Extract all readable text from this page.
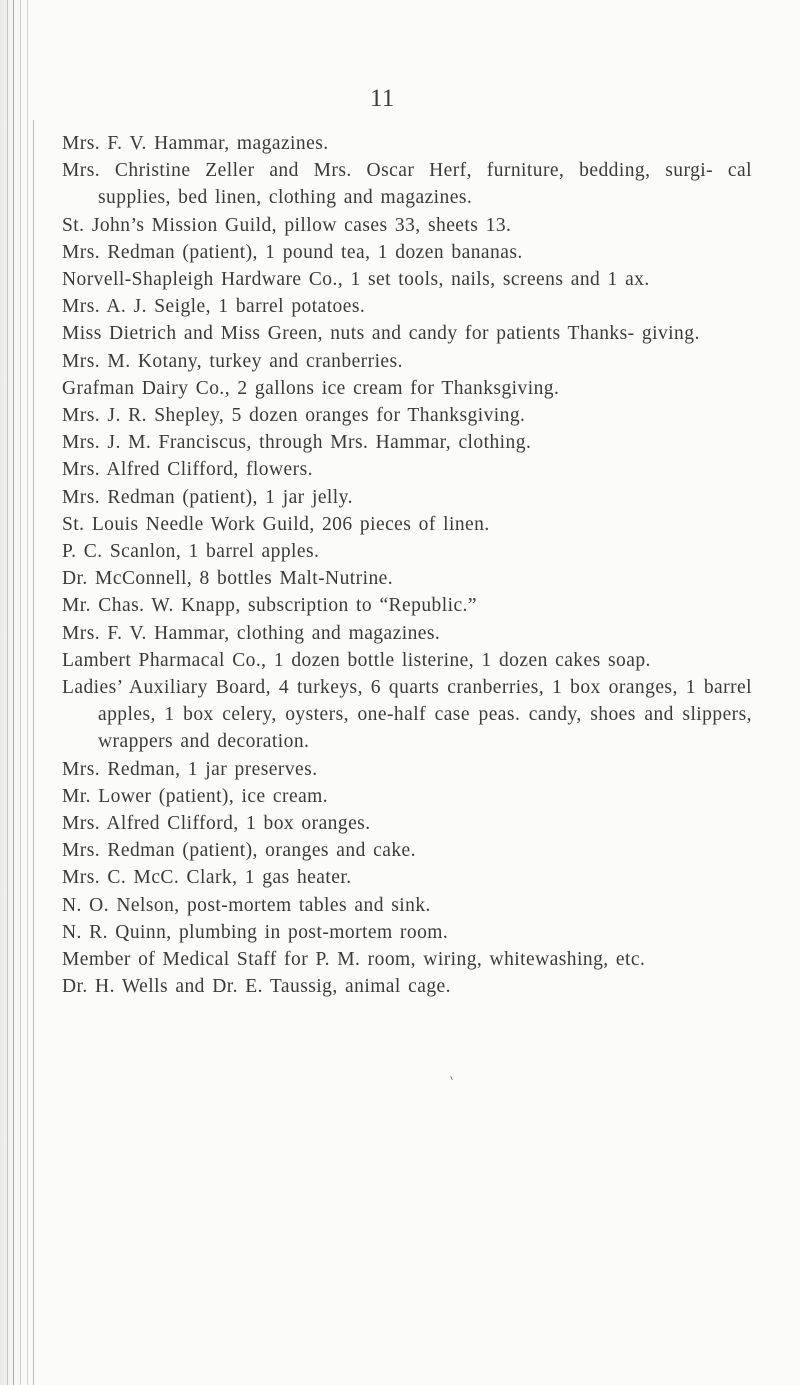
11
Mrs. F. V. Hammar, magazines.
Mrs. Christine Zeller and Mrs. Oscar Herf, furniture, bedding, surgi- cal supplies, bed linen, clothing and magazines.
St. John’s Mission Guild, pillow cases 33, sheets 13.
Mrs. Redman (patient), 1 pound tea, 1 dozen bananas.
Norvell-Shapleigh Hardware Co., 1 set tools, nails, screens and 1 ax.
Mrs. A. J. Seigle, 1 barrel potatoes.
Miss Dietrich and Miss Green, nuts and candy for patients Thanks- giving.
Mrs. M. Kotany, turkey and cranberries.
Grafman Dairy Co., 2 gallons ice cream for Thanksgiving.
Mrs. J. R. Shepley, 5 dozen oranges for Thanksgiving.
Mrs. J. M. Franciscus, through Mrs. Hammar, clothing.
Mrs. Alfred Clifford, flowers.
Mrs. Redman (patient), 1 jar jelly.
St. Louis Needle Work Guild, 206 pieces of linen.
P. C. Scanlon, 1 barrel apples.
Dr. McConnell, 8 bottles Malt-Nutrine.
Mr. Chas. W. Knapp, subscription to “Republic.”
Mrs. F. V. Hammar, clothing and magazines.
Lambert Pharmacal Co., 1 dozen bottle listerine, 1 dozen cakes soap.
Ladies’ Auxiliary Board, 4 turkeys, 6 quarts cranberries, 1 box oranges, 1 barrel apples, 1 box celery, oysters, one-half case peas. candy, shoes and slippers, wrappers and decoration.
Mrs. Redman, 1 jar preserves.
Mr. Lower (patient), ice cream.
Mrs. Alfred Clifford, 1 box oranges.
Mrs. Redman (patient), oranges and cake.
Mrs. C. McC. Clark, 1 gas heater.
N. O. Nelson, post-mortem tables and sink.
N. R. Quinn, plumbing in post-mortem room.
Member of Medical Staff for P. M. room, wiring, whitewashing, etc.
Dr. H. Wells and Dr. E. Taussig, animal cage.
